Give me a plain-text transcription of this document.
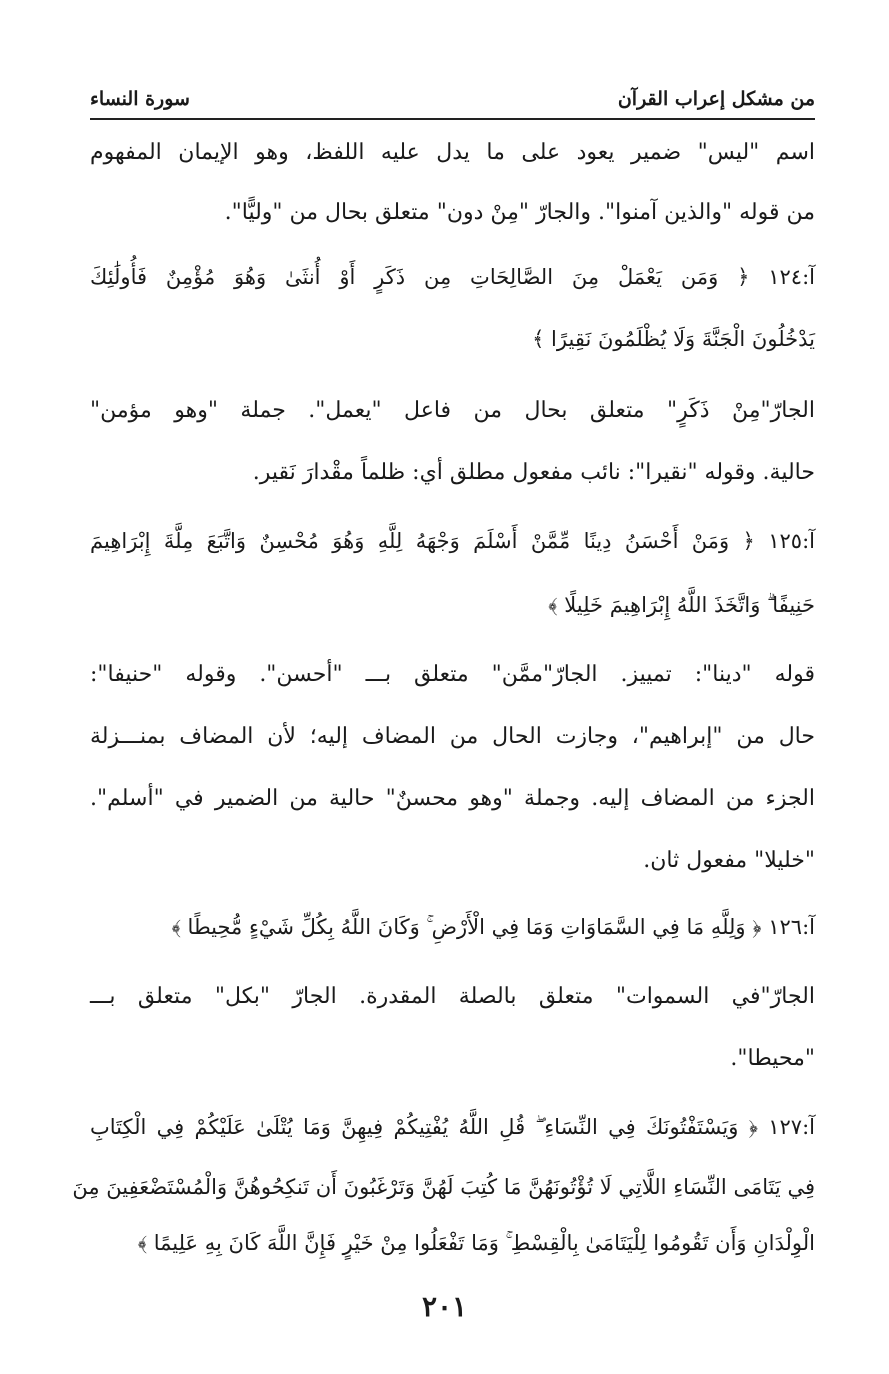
من مشكل إعراب القرآن
سورة النساء
اسم "ليس" ضمير يعود على ما يدل عليه اللفظ، وهو الإيمان المفهوم
من قوله "والذين آمنوا". والجارّ "مِنْ دون" متعلق بحال من "وليًّا".
آ:١٢٤ ﴿ وَمَن يَعْمَلْ مِنَ الصَّالِحَاتِ مِن ذَكَرٍ أَوْ أُنثَىٰ وَهُوَ مُؤْمِنٌ فَأُولَٰئِكَ
يَدْخُلُونَ الْجَنَّةَ وَلَا يُظْلَمُونَ نَقِيرًا ﴾
الجارّ"مِنْ ذَكَرٍ" متعلق بحال من فاعل "يعمل". جملة "وهو مؤمن"
حالية. وقوله "نقيرا": نائب مفعول مطلق أي: ظلماً مقْدارَ نَقير.
آ:١٢٥ ﴿ وَمَنْ أَحْسَنُ دِينًا مِّمَّنْ أَسْلَمَ وَجْهَهُ لِلَّهِ وَهُوَ مُحْسِنٌ وَاتَّبَعَ مِلَّةَ إِبْرَاهِيمَ
حَنِيفًا ۗ وَاتَّخَذَ اللَّهُ إِبْرَاهِيمَ خَلِيلًا ﴾
قوله "دينا": تمييز. الجارّ"ممَّن" متعلق بـــ "أحسن". وقوله "حنيفا":
حال من "إبراهيم"، وجازت الحال من المضاف إليه؛ لأن المضاف بمنـــزلة
الجزء من المضاف إليه. وجملة "وهو محسنٌ" حالية من الضمير في "أسلم".
"خليلا" مفعول ثان.
آ:١٢٦ ﴿ وَلِلَّهِ مَا فِي السَّمَاوَاتِ وَمَا فِي الْأَرْضِ ۚ وَكَانَ اللَّهُ بِكُلِّ شَيْءٍ مُّحِيطًا ﴾
الجارّ"في السموات" متعلق بالصلة المقدرة. الجارّ "بكل" متعلق بـــ
"محيطا".
آ:١٢٧ ﴿ وَيَسْتَفْتُونَكَ فِي النِّسَاءِ ۖ قُلِ اللَّهُ يُفْتِيكُمْ فِيهِنَّ وَمَا يُتْلَىٰ عَلَيْكُمْ فِي الْكِتَابِ
فِي يَتَامَى النِّسَاءِ اللَّاتِي لَا تُؤْتُونَهُنَّ مَا كُتِبَ لَهُنَّ وَتَرْغَبُونَ أَن تَنكِحُوهُنَّ وَالْمُسْتَضْعَفِينَ مِنَ
الْوِلْدَانِ وَأَن تَقُومُوا لِلْيَتَامَىٰ بِالْقِسْطِ ۚ وَمَا تَفْعَلُوا مِنْ خَيْرٍ فَإِنَّ اللَّهَ كَانَ بِهِ عَلِيمًا ﴾
٢٠١
